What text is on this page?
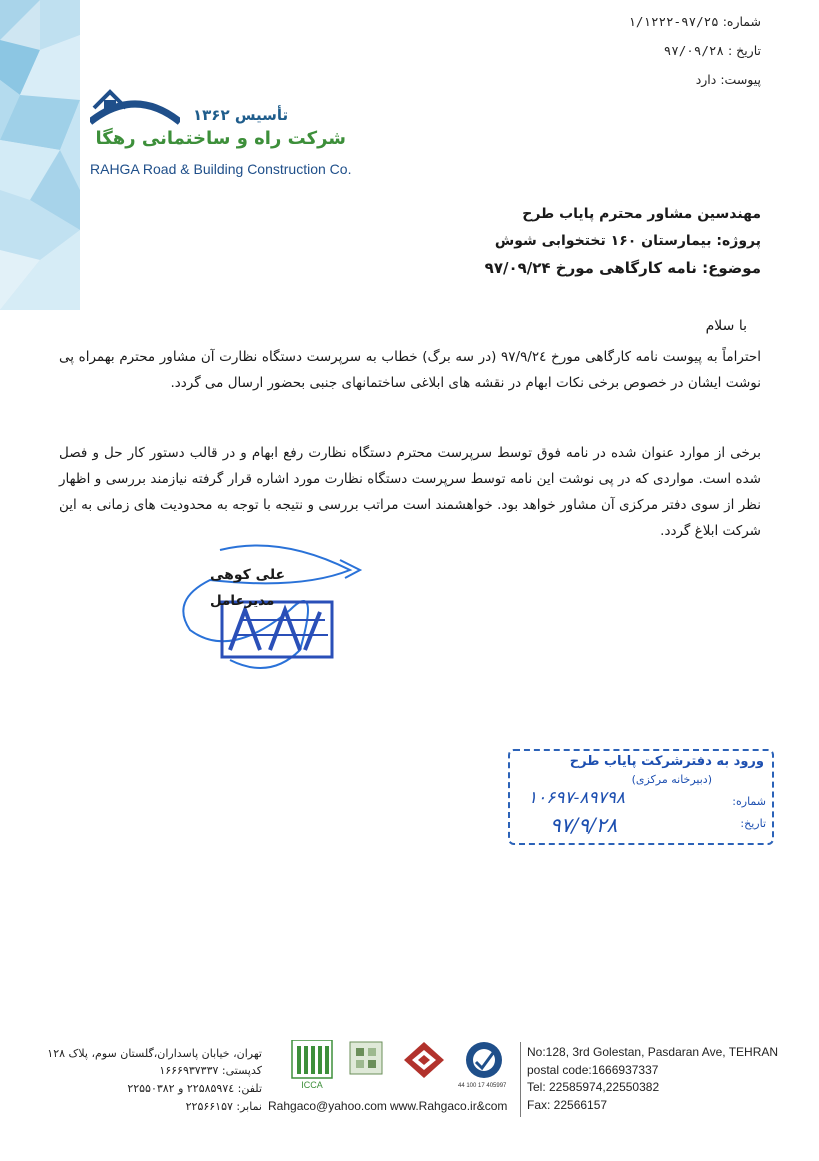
شماره: ۹۷/۲۵-۱/۱۲۲۲
تاریخ : ۹۷/۰۹/۲۸
پیوست: دارد
تأسیس ۱۳۶۲
شرکت راه و ساختمانی رهگا
RAHGA Road & Building Construction Co.
مهندسین مشاور محترم پایاب طرح
پروژه: بیمارستان ۱۶۰ تختخوابی شوش
موضوع: نامه کارگاهی مورخ ۹۷/۰۹/۲۴
با سلام

احتراماً به پیوست نامه کارگاهی مورخ ۹۷/۹/۲٤ (در سه برگ) خطاب به سرپرست دستگاه نظارت آن مشاور محترم بهمراه پی نوشت ایشان در خصوص برخی نکات ابهام در نقشه های ابلاغی ساختمانهای جنبی بحضور ارسال می گردد.

برخی از موارد عنوان شده در نامه فوق توسط سرپرست محترم دستگاه نظارت رفع ابهام و در قالب دستور کار حل و فصل شده است. مواردی که در پی نوشت این نامه توسط سرپرست دستگاه نظارت مورد اشاره قرار گرفته نیازمند بررسی و اظهار نظر از سوی دفتر مرکزی آن مشاور خواهد بود. خواهشمند است مراتب بررسی و نتیجه با توجه به محدودیت های زمانی به این شرکت ابلاغ گردد.

علی کوهی
مدیرعامل
ورود به دفترشرکت پایاب طرح
(دبیرخانه مرکزی)
شماره:
۱۰۶۹۷-۸۹۷۹۸
تاریخ:
۹۷/۹/۲۸
تهران، خیابان پاسداران،گلستان سوم، پلاک ۱۲۸
کدپستی: ۱۶۶۶۹۳۷۳۳۷
تلفن: ۲۲۵۸۵۹۷٤ و ۲۲۵۵۰۳۸۲
نمابر: ۲۲۵۶۶۱۵۷
ICCA	44 100 17 405997
Rahgaco@yahoo.com www.Rahgaco.ir&com
No:128, 3rd Golestan, Pasdaran Ave, TEHRAN
postal code:1666937337
Tel: 22585974,22550382
Fax: 22566157
